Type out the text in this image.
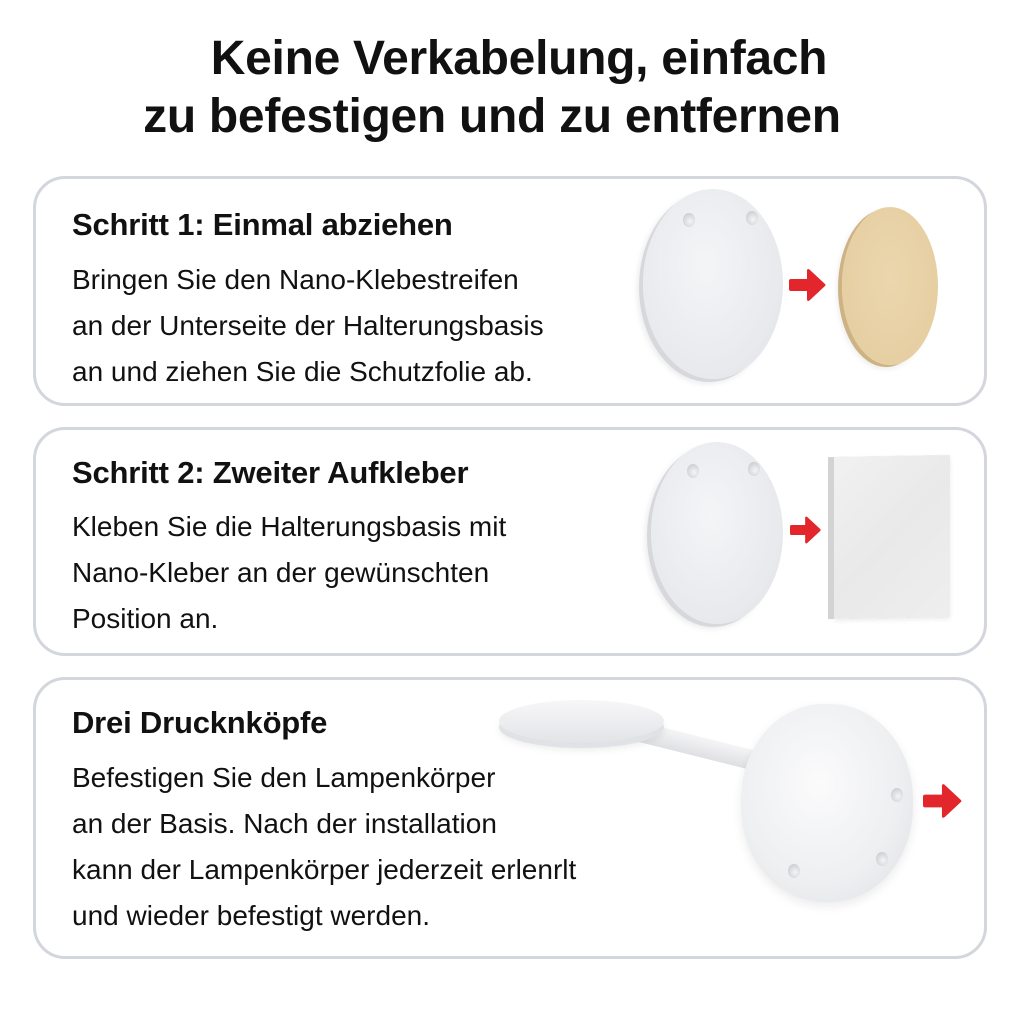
Keine Verkabelung, einfach
zu befestigen und zu entfernen
Schritt 1: Einmal abziehen
Bringen Sie den Nano-Klebestreifen
an der Unterseite der Halterungsbasis
an und ziehen Sie die Schutzfolie ab.
Schritt 2: Zweiter Aufkleber
Kleben Sie die Halterungsbasis mit
Nano-Kleber an der gewünschten
Position an.
Drei Drucknköpfe
Befestigen Sie den Lampenkörper
an der Basis. Nach der installation
kann der Lampenkörper jederzeit erlenrlt
und wieder befestigt werden.
